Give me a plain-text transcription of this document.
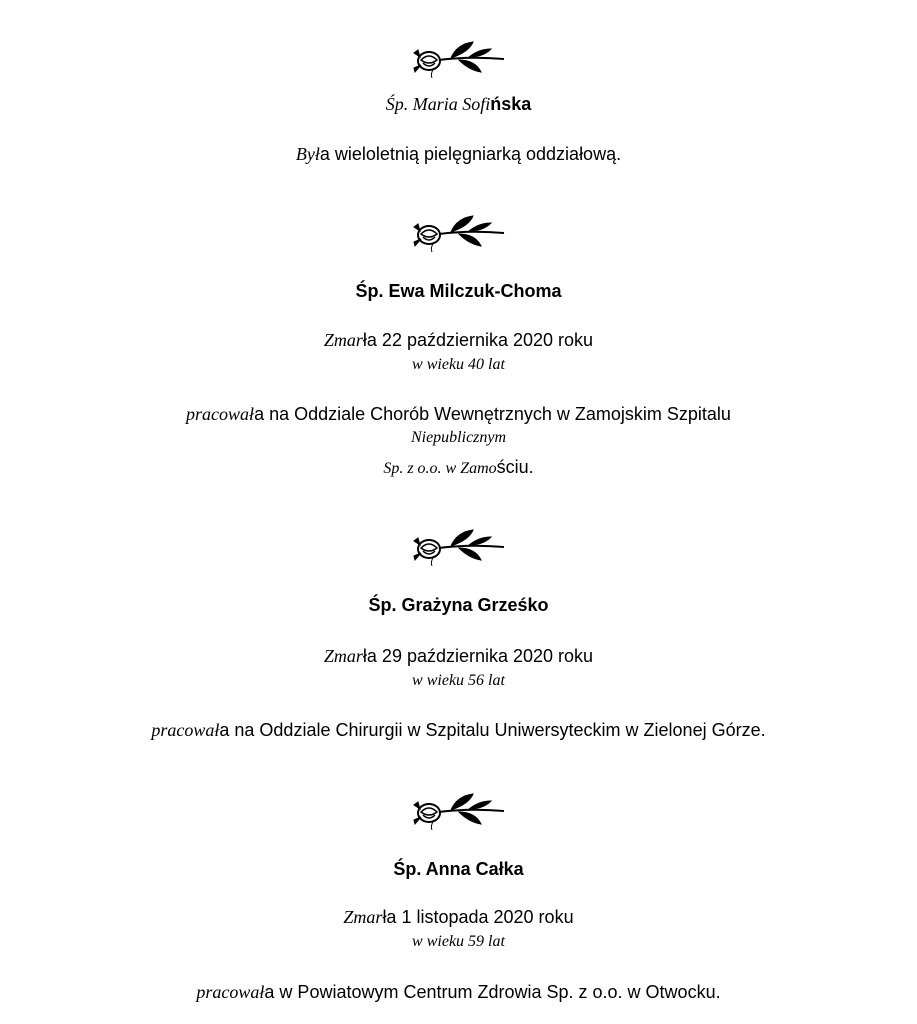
Śp. Maria Sofińska
Była wieloletnią pielęgniarką oddziałową.
Śp. Ewa Milczuk-Choma
Zmarła 22 października 2020 roku
w wieku 40 lat
pracowała na Oddziale Chorób Wewnętrznych w Zamojskim Szpitalu
Niepublicznym
Sp. z o.o. w Zamościu.
Śp. Grażyna Grześko
Zmarła 29 października 2020 roku
w wieku 56 lat
pracowała na Oddziale Chirurgii w Szpitalu Uniwersyteckim w Zielonej Górze.
Śp. Anna Całka
Zmarła 1 listopada 2020 roku
w wieku 59 lat
pracowała w Powiatowym Centrum Zdrowia Sp. z o.o. w Otwocku.
